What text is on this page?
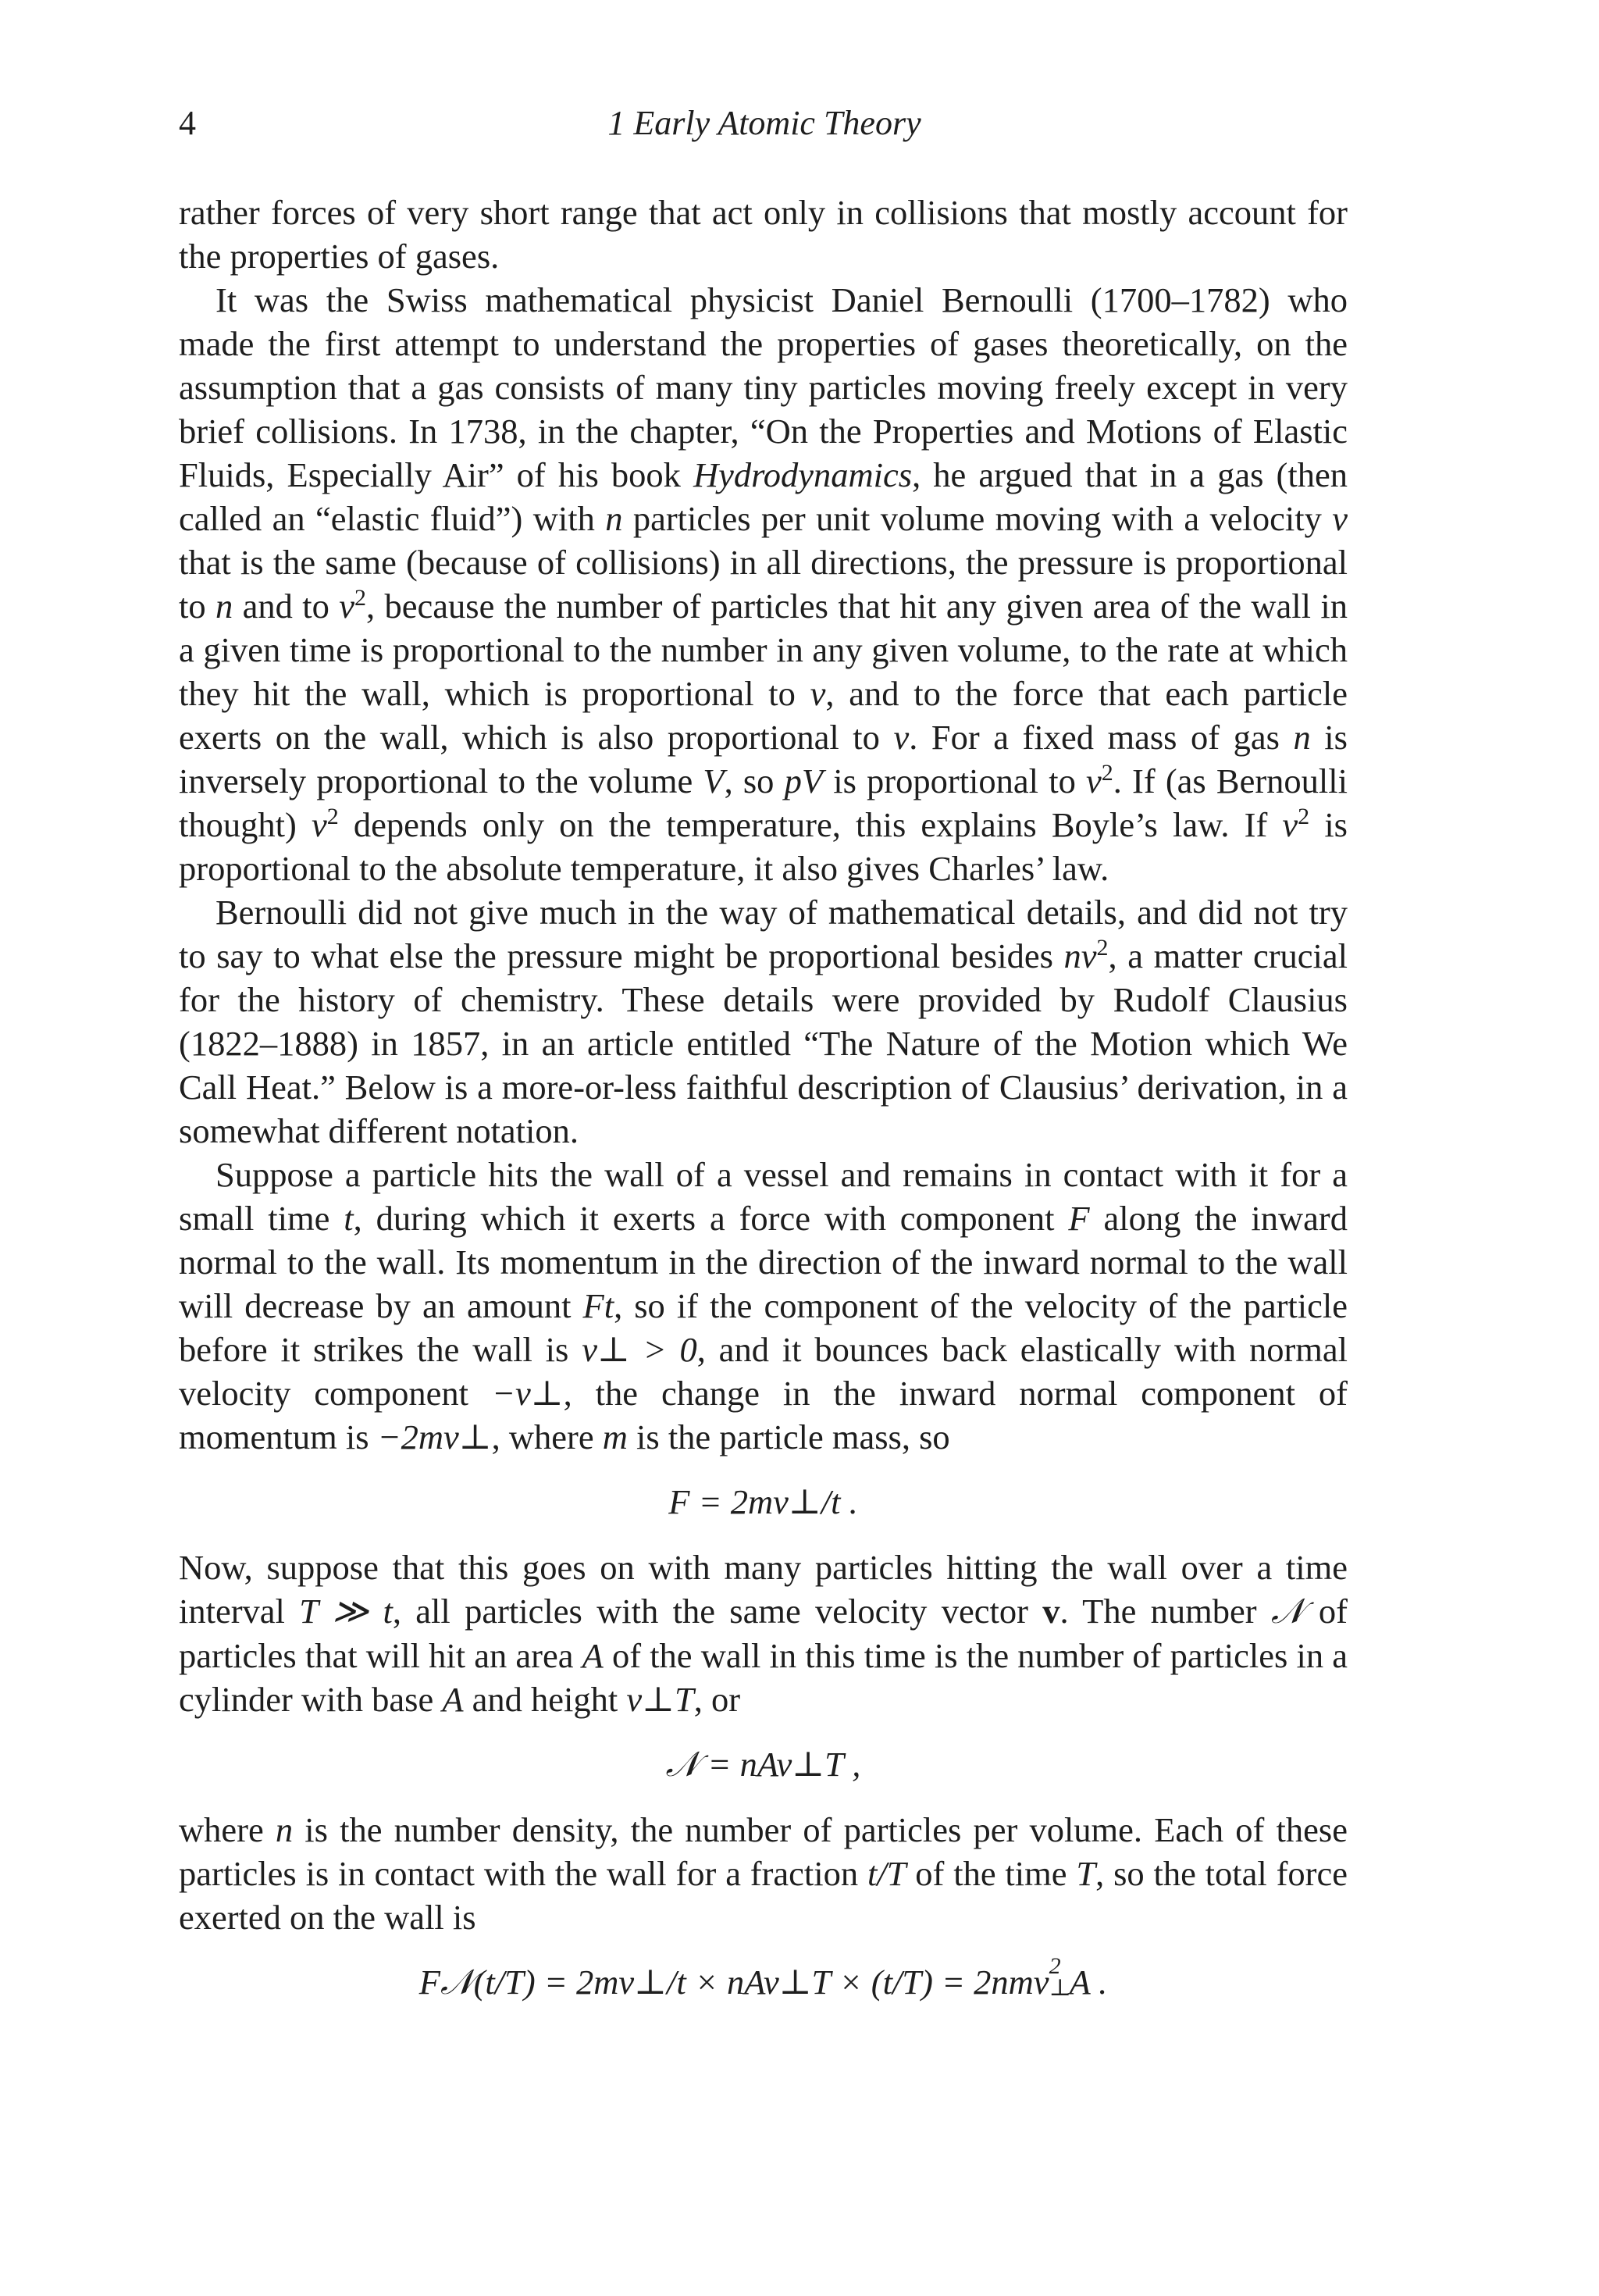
4	1 Early Atomic Theory

rather forces of very short range that act only in collisions that mostly account for the properties of gases.

It was the Swiss mathematical physicist Daniel Bernoulli (1700–1782) who made the first attempt to understand the properties of gases theoretically, on the assumption that a gas consists of many tiny particles moving freely except in very brief collisions. In 1738, in the chapter, “On the Properties and Motions of Elastic Fluids, Especially Air” of his book Hydrodynamics, he argued that in a gas (then called an “elastic fluid”) with n particles per unit volume moving with a velocity v that is the same (because of collisions) in all directions, the pressure is proportional to n and to $v^2$, because the number of particles that hit any given area of the wall in a given time is proportional to the number in any given volume, to the rate at which they hit the wall, which is proportional to v, and to the force that each particle exerts on the wall, which is also proportional to v. For a fixed mass of gas n is inversely proportional to the volume V, so pV is proportional to $v^2$. If (as Bernoulli thought) $v^2$ depends only on the temperature, this explains Boyle’s law. If $v^2$ is proportional to the absolute temperature, it also gives Charles’ law.

Bernoulli did not give much in the way of mathematical details, and did not try to say to what else the pressure might be proportional besides $nv^2$, a matter crucial for the history of chemistry. These details were provided by Rudolf Clausius (1822–1888) in 1857, in an article entitled “The Nature of the Motion which We Call Heat.” Below is a more-or-less faithful description of Clausius’ derivation, in a somewhat different notation.

Suppose a particle hits the wall of a vessel and remains in contact with it for a small time t, during which it exerts a force with component F along the inward normal to the wall. Its momentum in the direction of the inward normal to the wall will decrease by an amount Ft, so if the component of the velocity of the particle before it strikes the wall is v⊥ > 0, and it bounces back elastically with normal velocity component −v⊥, the change in the inward normal component of momentum is −2mv⊥, where m is the particle mass, so

F = 2mv⊥/t .

Now, suppose that this goes on with many particles hitting the wall over a time interval T ≫ t, all particles with the same velocity vector v. The number 𝒩 of particles that will hit an area A of the wall in this time is the number of particles in a cylinder with base A and height v⊥T, or

𝒩 = nAv⊥T ,

where n is the number density, the number of particles per volume. Each of these particles is in contact with the wall for a fraction t/T of the time T, so the total force exerted on the wall is

F𝒩(t/T) = 2mv⊥/t × nAv⊥T × (t/T) = 2nmv 2
⊥
A .
